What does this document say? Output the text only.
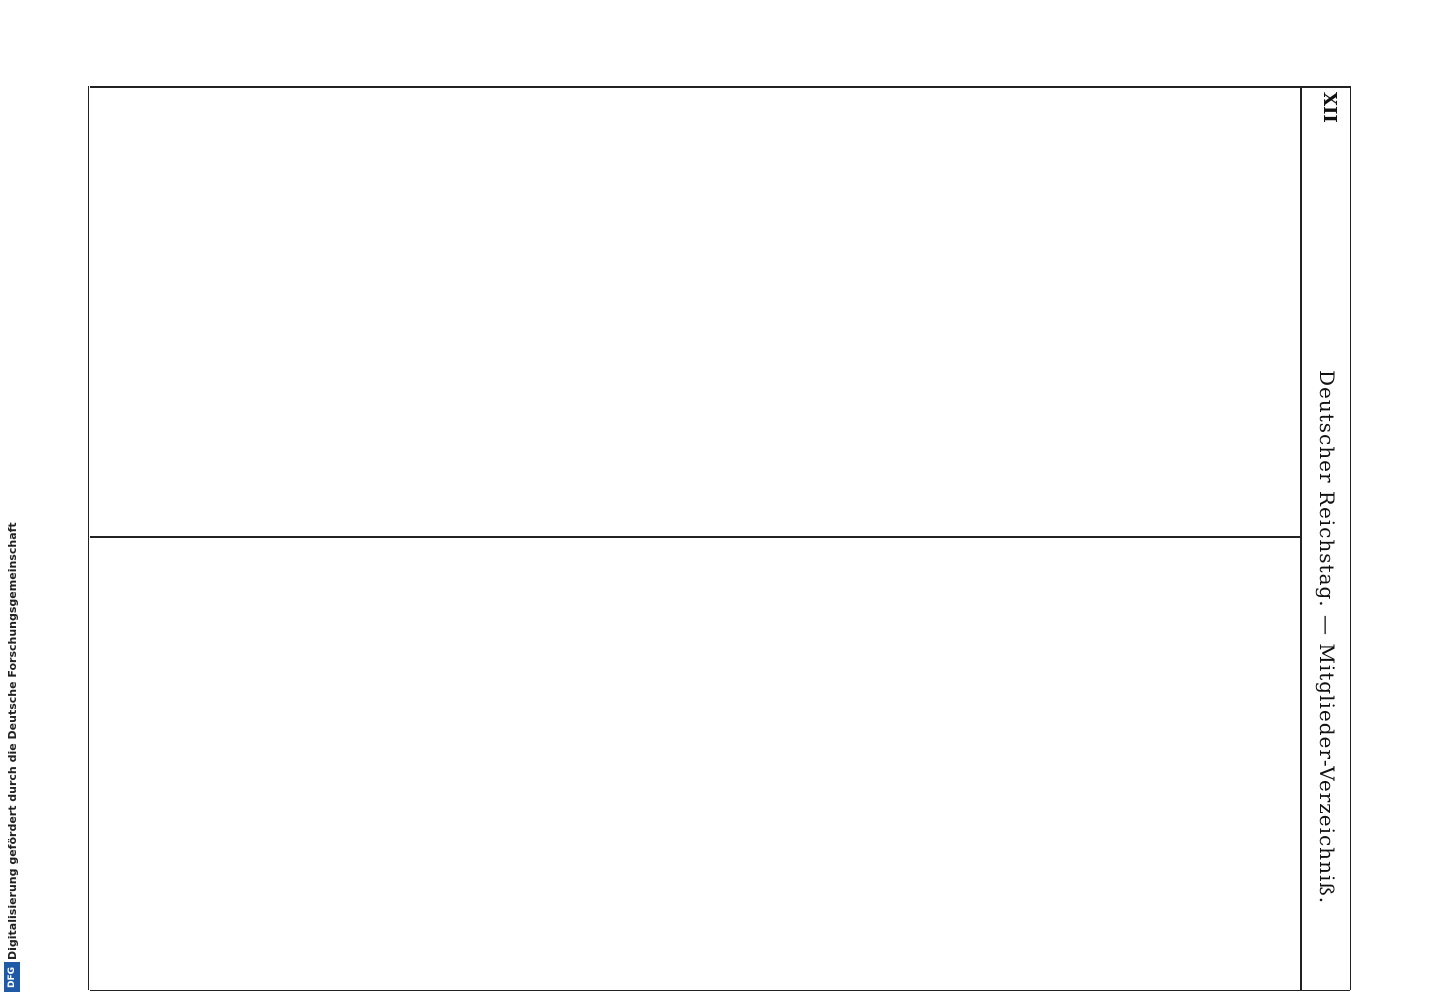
XII
Deutscher Reichstag. — Mitglieder-Verzeichniß.
Digitalisierung gefördert durch die Deutsche Forschungsgemeinschaft
DFG
